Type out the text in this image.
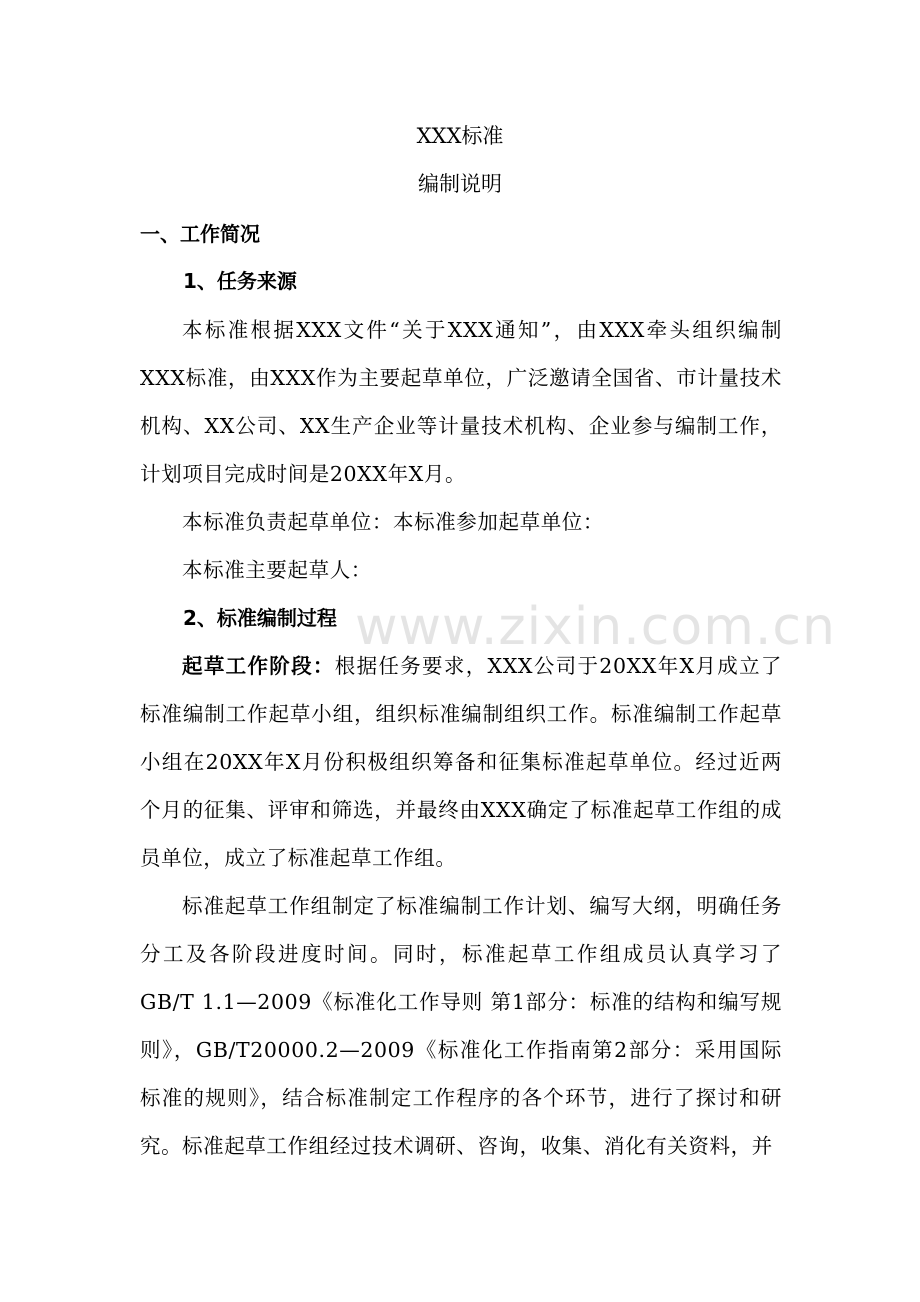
www.zixin.com.cn
XXX标准
编制说明
一、工作简况
1、任务来源

本标准根据XXX文件“关于XXX通知”，由XXX牵头组织编制XXX标准，由XXX作为主要起草单位，广泛邀请全国省、市计量技术机构、XX公司、XX生产企业等计量技术机构、企业参与编制工作，计划项目完成时间是20XX年X月。

本标准负责起草单位：本标准参加起草单位：

本标准主要起草人：

2、标准编制过程

起草工作阶段：根据任务要求，XXX公司于20XX年X月成立了标准编制工作起草小组，组织标准编制组织工作。标准编制工作起草小组在20XX年X月份积极组织筹备和征集标准起草单位。经过近两个月的征集、评审和筛选，并最终由XXX确定了标准起草工作组的成员单位，成立了标准起草工作组。

标准起草工作组制定了标准编制工作计划、编写大纲，明确任务分工及各阶段进度时间。同时，标准起草工作组成员认真学习了GB/T 1.1—2009《标准化工作导则 第1部分：标准的结构和编写规则》，GB/T20000.2—2009《标准化工作指南第2部分：采用国际标准的规则》，结合标准制定工作程序的各个环节，进行了探讨和研究。 标准起草工作组经过技术调研、咨询，收集、消化有关资料，并
